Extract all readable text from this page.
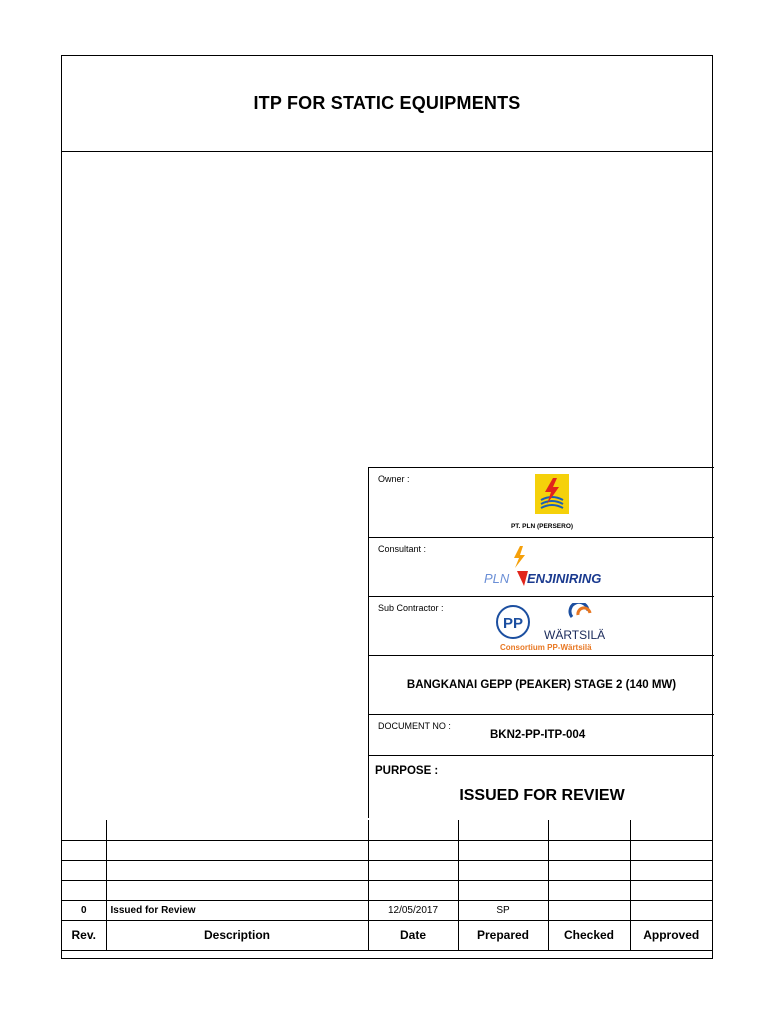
ITP FOR STATIC EQUIPMENTS
Owner :
PT. PLN (PERSERO)
Consultant :
PLN ENJINIRING
Sub Contractor :
PP
WÄRTSILÄ
Consortium PP-Wärtsilä
BANGKANAI GEPP (PEAKER) STAGE 2 (140 MW)
DOCUMENT NO :
BKN2-PP-ITP-004
PURPOSE :
ISSUED FOR REVIEW

0	Issued for Review	12/05/2017	SP		
Rev.	Description	Date	Prepared	Checked	Approved
